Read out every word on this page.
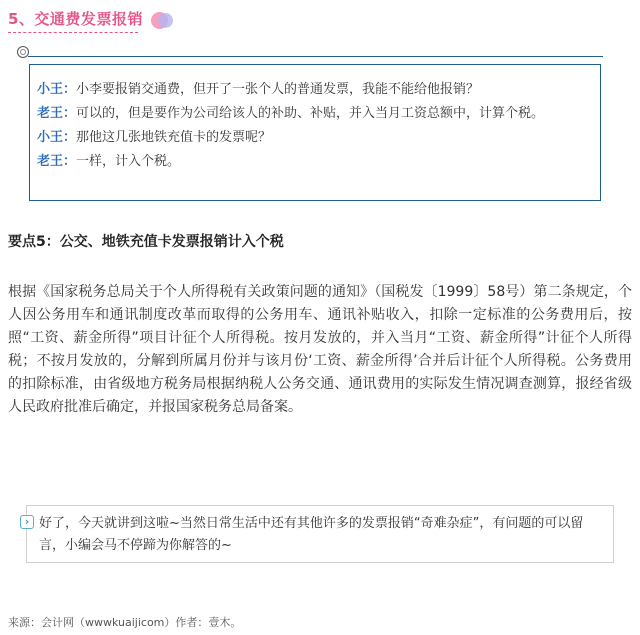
5、交通费发票报销
小王：小李要报销交通费，但开了一张个人的普通发票，我能不能给他报销？
老王：可以的，但是要作为公司给该人的补助、补贴，并入当月工资总额中，计算个税。
小王：那他这几张地铁充值卡的发票呢？
老王：一样，计入个税。
要点5：公交、地铁充值卡发票报销计入个税
根据《国家税务总局关于个人所得税有关政策问题的通知》（国税发〔1999〕58号）第二条规定，个人因公务用车和通讯制度改革而取得的公务用车、通讯补贴收入，扣除一定标准的公务费用后，按照“工资、薪金所得”项目计征个人所得税。按月发放的，并入当月“工资、薪金所得”计征个人所得税；不按月发放的，分解到所属月份并与该月份‘工资、薪金所得’合并后计征个人所得税。公务费用的扣除标准，由省级地方税务局根据纳税人公务交通、通讯费用的实际发生情况调查测算，报经省级人民政府批准后确定，并报国家税务总局备案。
› 好了，今天就讲到这啦~当然日常生活中还有其他许多的发票报销“奇难杂症”，有问题的可以留言，小编会马不停蹄为你解答的~
来源：会计网（wwwkuaijicom）作者：壹木。
